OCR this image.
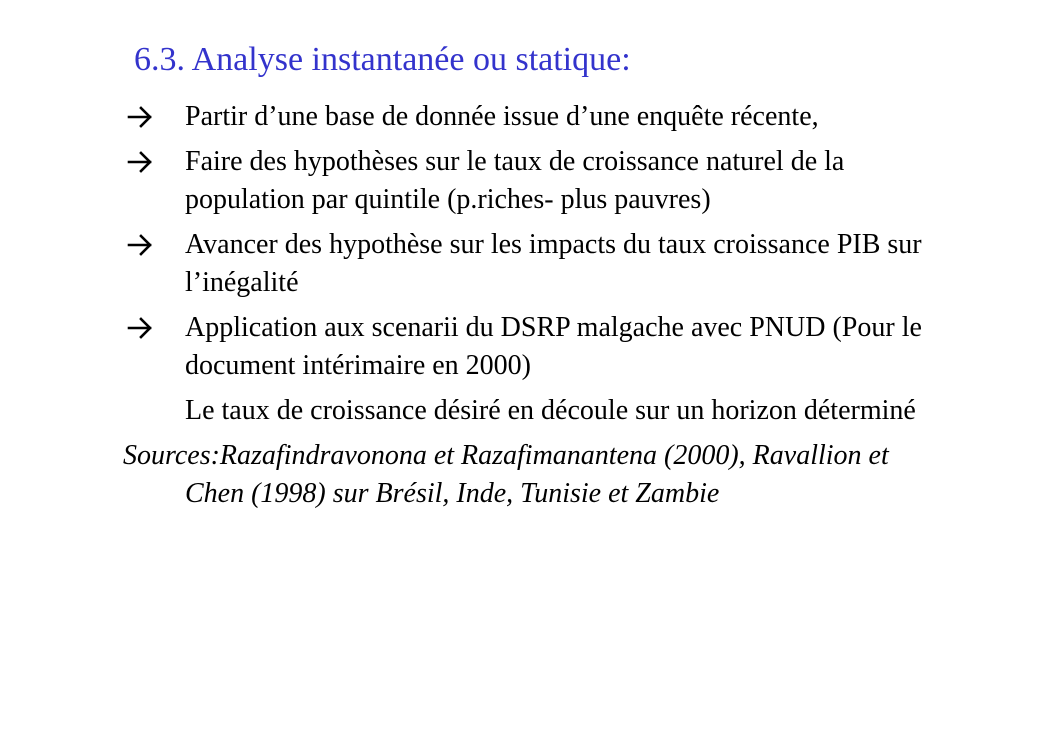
6.3. Analyse instantanée ou statique:
Partir d’une base de donnée issue d’une enquête récente,
Faire des hypothèses sur le taux de croissance naturel de la population par quintile (p.riches- plus pauvres)
Avancer des hypothèse sur les impacts du taux croissance PIB sur l’inégalité
Application aux scenarii du DSRP malgache avec PNUD (Pour le document intérimaire en 2000)
Le taux de croissance désiré en découle sur un horizon déterminé
Sources:Razafindravonona et Razafimanantena (2000), Ravallion et Chen (1998) sur Brésil, Inde, Tunisie et Zambie
